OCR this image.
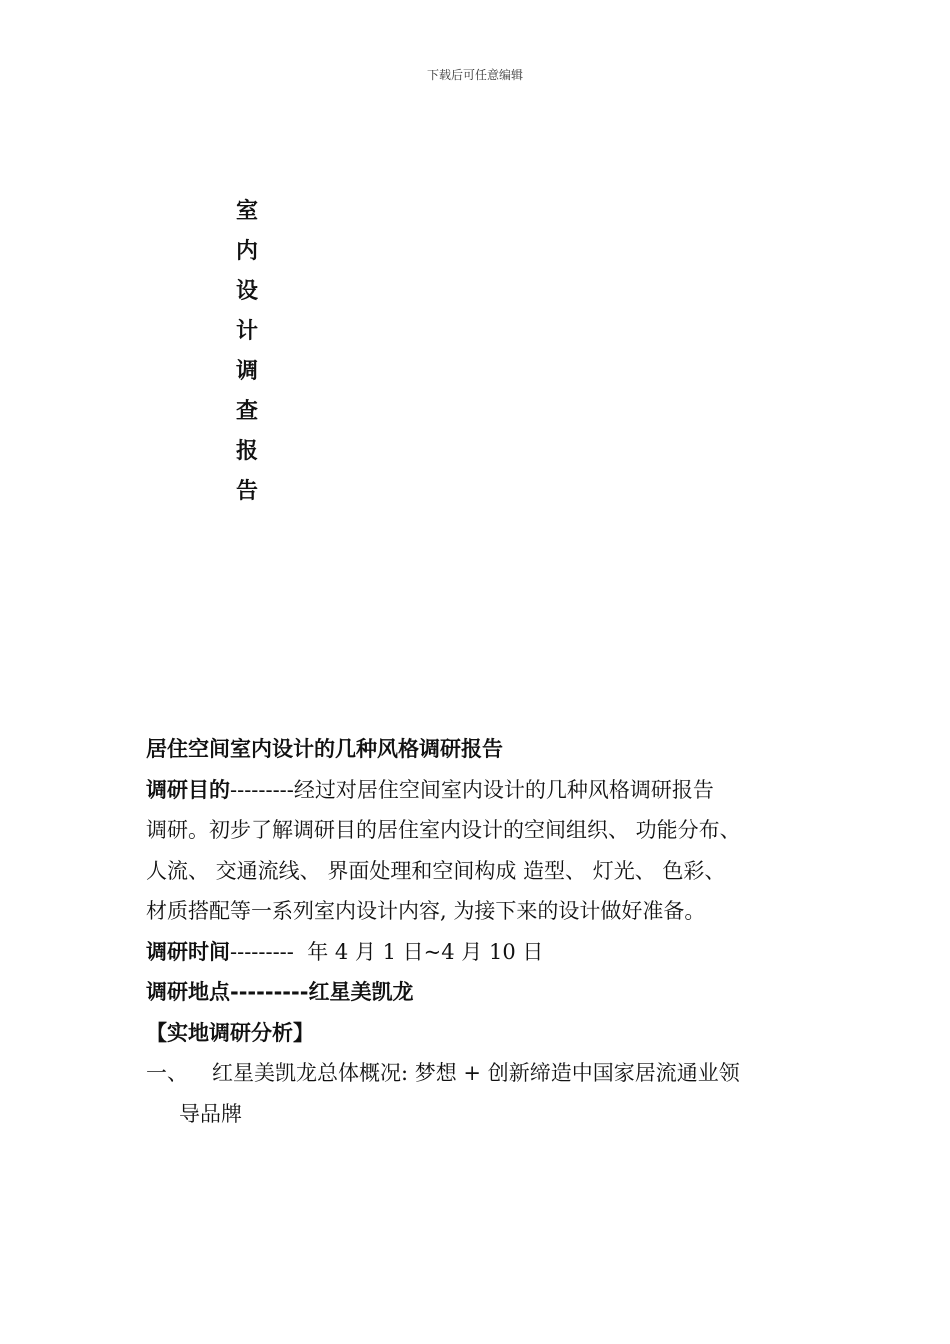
下载后可任意编辑
室
内
设
计
调
查
报
告
居住空间室内设计的几种风格调研报告
调研目的---------经过对居住空间室内设计的几种风格调研报告
调研。初步了解调研目的居住室内设计的空间组织、 功能分布、
人流、 交通流线、 界面处理和空间构成 造型、 灯光、 色彩、
材质搭配等一系列室内设计内容, 为接下来的设计做好准备。
调研时间---------  年 4 月 1 日~4 月 10 日
调研地点---------红星美凯龙
【实地调研分析】
一、 红星美凯龙总体概况: 梦想 + 创新缔造中国家居流通业领
导品牌
